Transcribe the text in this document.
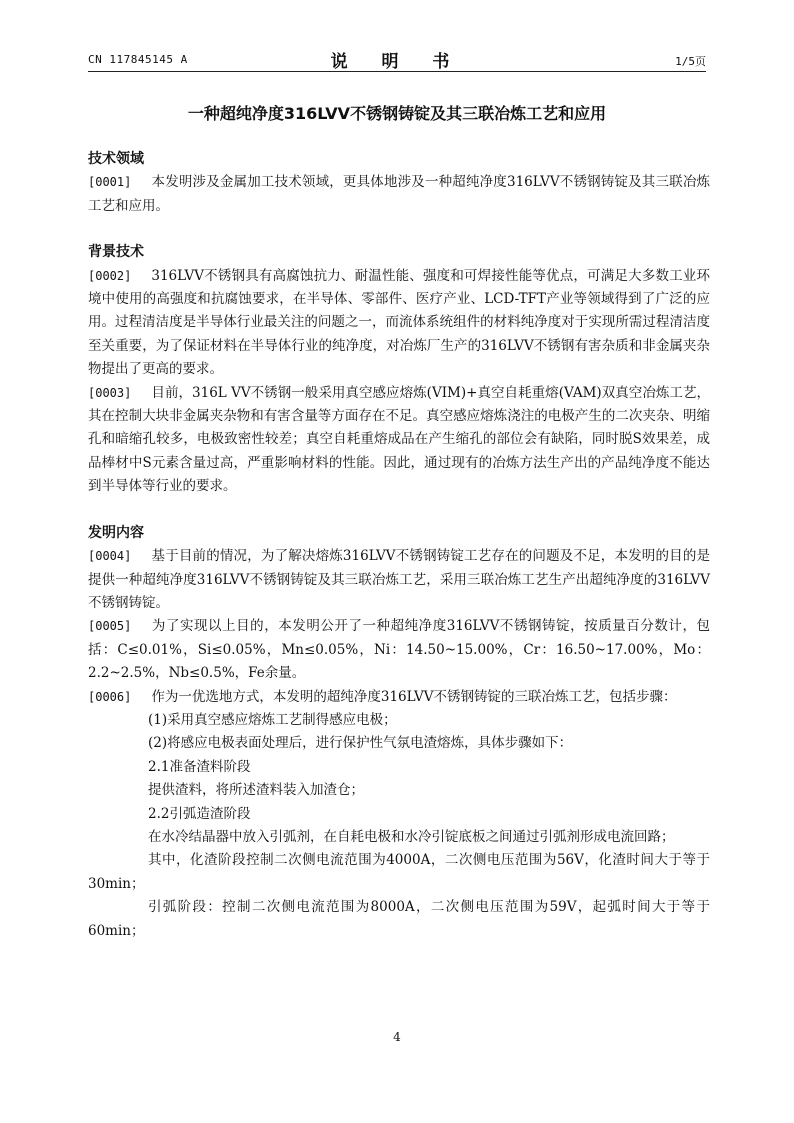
CN 117845145 A	说 明 书	1/5页
一种超纯净度316LVV不锈钢铸锭及其三联冶炼工艺和应用

技术领域

[0001] 本发明涉及金属加工技术领域，更具体地涉及一种超纯净度316LVV不锈钢铸锭及其三联冶炼工艺和应用。

背景技术

[0002] 316LVV不锈钢具有高腐蚀抗力、耐温性能、强度和可焊接性能等优点，可满足大多数工业环境中使用的高强度和抗腐蚀要求，在半导体、零部件、医疗产业、LCD-TFT产业等领域得到了广泛的应用。过程清洁度是半导体行业最关注的问题之一，而流体系统组件的材料纯净度对于实现所需过程清洁度至关重要，为了保证材料在半导体行业的纯净度，对冶炼厂生产的316LVV不锈钢有害杂质和非金属夹杂物提出了更高的要求。

[0003] 目前，316L VV不锈钢一般采用真空感应熔炼(VIM)+真空自耗重熔(VAM)双真空冶炼工艺，其在控制大块非金属夹杂物和有害含量等方面存在不足。真空感应熔炼浇注的电极产生的二次夹杂、明缩孔和暗缩孔较多，电极致密性较差；真空自耗重熔成品在产生缩孔的部位会有缺陷，同时脱S效果差，成品棒材中S元素含量过高，严重影响材料的性能。因此，通过现有的冶炼方法生产出的产品纯净度不能达到半导体等行业的要求。

发明内容

[0004] 基于目前的情况，为了解决熔炼316LVV不锈钢铸锭工艺存在的问题及不足，本发明的目的是提供一种超纯净度316LVV不锈钢铸锭及其三联冶炼工艺，采用三联冶炼工艺生产出超纯净度的316LVV不锈钢铸锭。

[0005] 为了实现以上目的，本发明公开了一种超纯净度316LVV不锈钢铸锭，按质量百分数计，包括：C≤0.01%，Si≤0.05%，Mn≤0.05%，Ni：14.50~15.00%，Cr：16.50~17.00%，Mo：2.2~2.5%，Nb≤0.5%，Fe余量。

[0006] 作为一优选地方式，本发明的超纯净度316LVV不锈钢铸锭的三联冶炼工艺，包括步骤：

(1)采用真空感应熔炼工艺制得感应电极；

(2)将感应电极表面处理后，进行保护性气氛电渣熔炼，具体步骤如下：

2.1准备渣料阶段

提供渣料，将所述渣料装入加渣仓；

2.2引弧造渣阶段

在水冷结晶器中放入引弧剂，在自耗电极和水冷引锭底板之间通过引弧剂形成电流回路；

其中，化渣阶段控制二次侧电流范围为4000A，二次侧电压范围为56V，化渣时间大于等于30min；

引弧阶段：控制二次侧电流范围为8000A，二次侧电压范围为59V，起弧时间大于等于60min；

4
